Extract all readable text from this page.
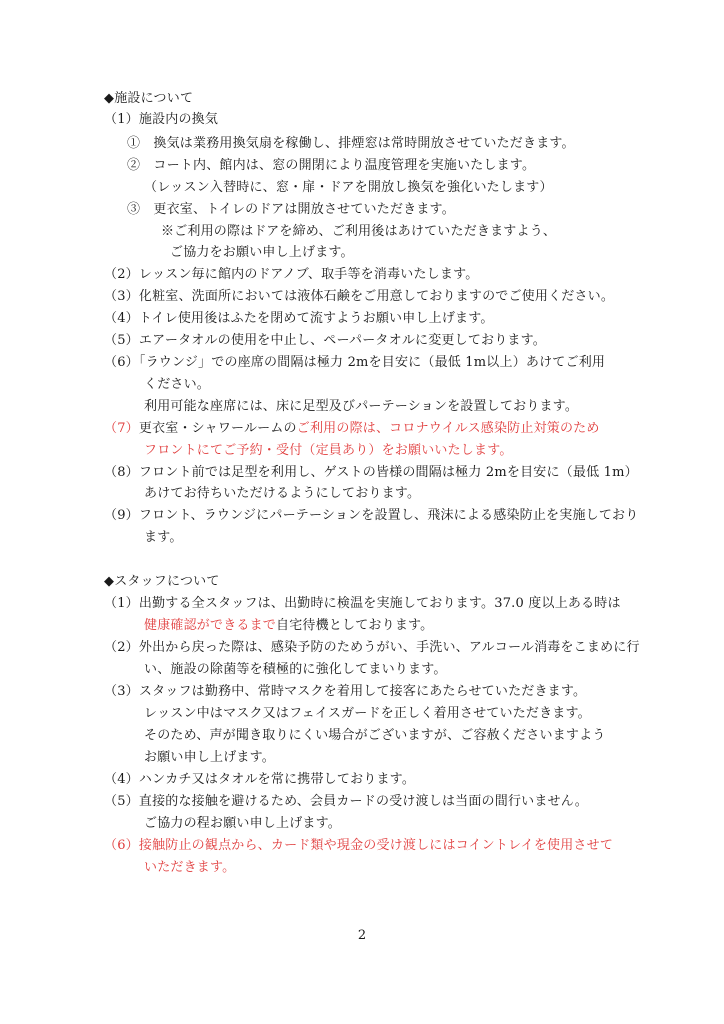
◆施設について
（1）施設内の換気
①　換気は業務用換気扇を稼働し、排煙窓は常時開放させていただきます。
②　コート内、館内は、窓の開閉により温度管理を実施いたします。
（レッスン入替時に、窓・扉・ドアを開放し換気を強化いたします）
③　更衣室、トイレのドアは開放させていただきます。
※ご利用の際はドアを締め、ご利用後はあけていただきますよう、
ご協力をお願い申し上げます。
（2）レッスン毎に館内のドアノブ、取手等を消毒いたします。
（3）化粧室、洗面所においては液体石鹸をご用意しておりますのでご使用ください。
（4）トイレ使用後はふたを閉めて流すようお願い申し上げます。
（5）エアータオルの使用を中止し、ペーパータオルに変更しております。
（6）「ラウンジ」での座席の間隔は極力 2mを目安に（最低 1m以上）あけてご利用
ください。
利用可能な座席には、床に足型及びパーテーションを設置しております。
（7）更衣室・シャワールームのご利用の際は、コロナウイルス感染防止対策のため
フロントにてご予約・受付（定員あり）をお願いいたします。
（8）フロント前では足型を利用し、ゲストの皆様の間隔は極力 2mを目安に（最低 1m）
あけてお待ちいただけるようにしております。
（9）フロント、ラウンジにパーテーションを設置し、飛沫による感染防止を実施しており
ます。
◆スタッフについて
（1）出勤する全スタッフは、出勤時に検温を実施しております。37.0 度以上ある時は
健康確認ができるまで自宅待機としております。
（2）外出から戻った際は、感染予防のためうがい、手洗い、アルコール消毒をこまめに行
い、施設の除菌等を積極的に強化してまいります。
（3）スタッフは勤務中、常時マスクを着用して接客にあたらせていただきます。
レッスン中はマスク又はフェイスガードを正しく着用させていただきます。
そのため、声が聞き取りにくい場合がございますが、ご容赦くださいますよう
お願い申し上げます。
（4）ハンカチ又はタオルを常に携帯しております。
（5）直接的な接触を避けるため、会員カードの受け渡しは当面の間行いません。
ご協力の程お願い申し上げます。
（6）接触防止の観点から、カード類や現金の受け渡しにはコイントレイを使用させて
いただきます。
2
